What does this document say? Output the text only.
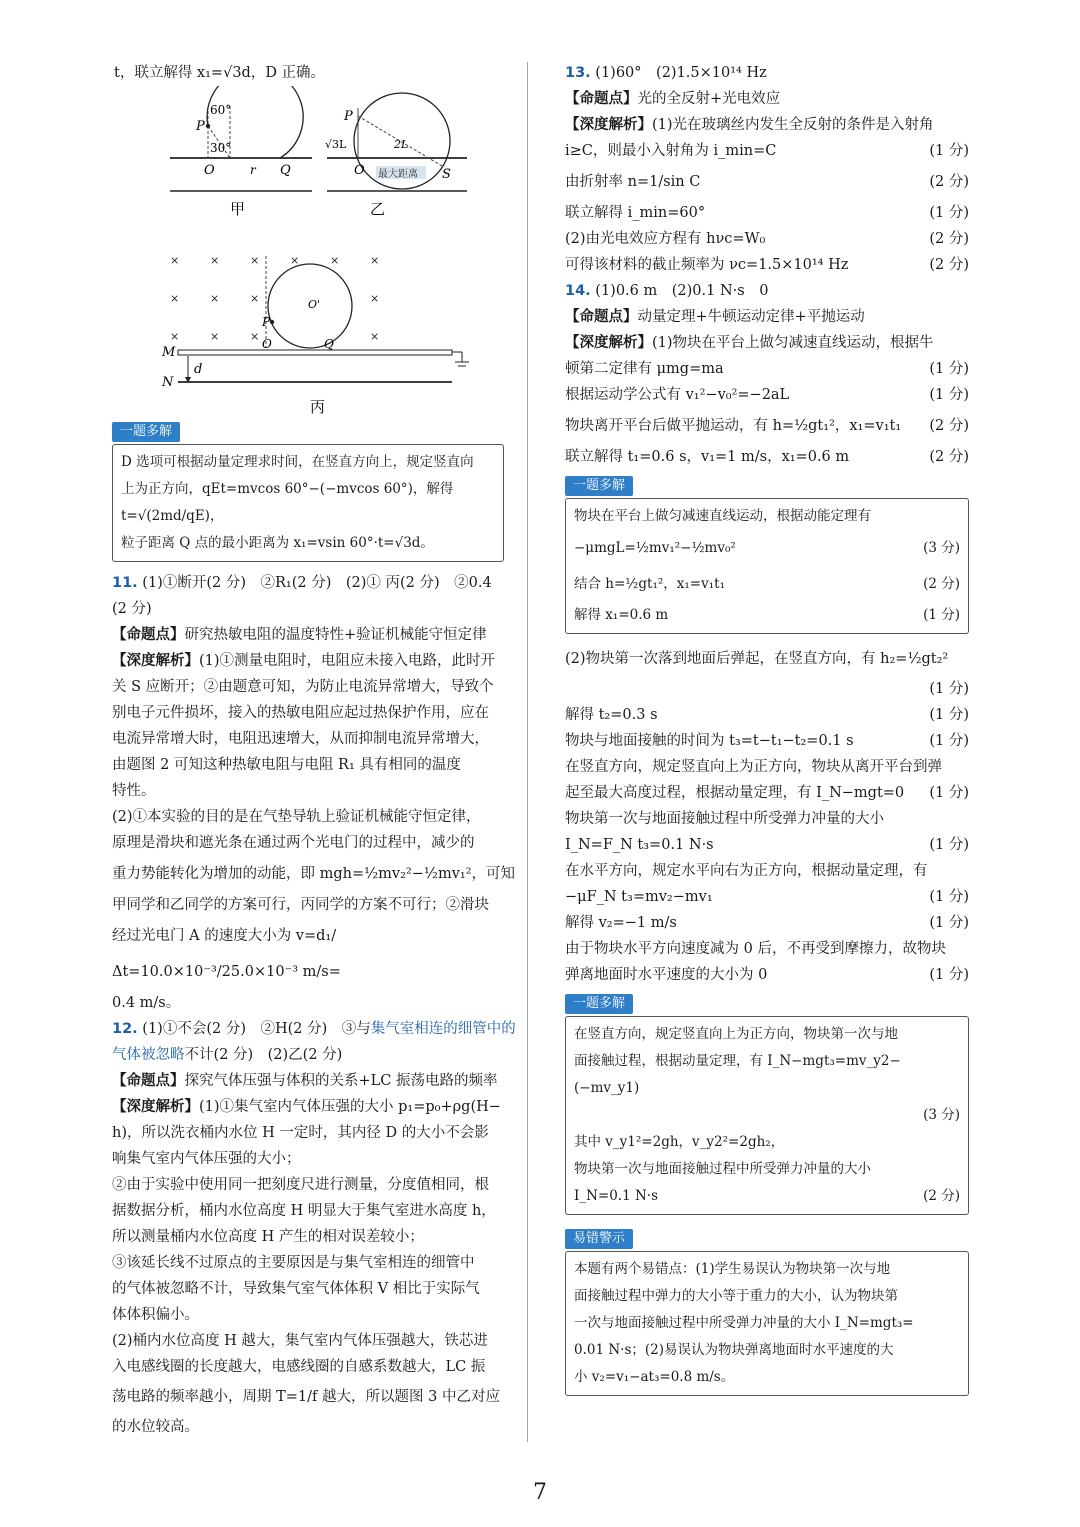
t，联立解得 x₁=√3d，D 正确。

60°
P
30°
O	r Q
甲
最大距离
P
√3L	2L
O	S
乙
×	×	×	×	×	×
×	×	×	×
×	×	×	×
O'
P
O	Q
M
N
d
丙
一题多解
D 选项可根据动量定理求时间，在竖直方向上，规定竖直向
上为正方向，qEt=mvcos 60°−(−mvcos 60°)，解得 t=√(2md/qE)，
粒子距离 Q 点的最小距离为 x₁=vsin 60°·t=√3d。
11. (1)①断开(2 分)　②R₁(2 分)　(2)① 丙(2 分)　②0.4
(2 分)
【命题点】研究热敏电阻的温度特性+验证机械能守恒定律
【深度解析】(1)①测量电阻时，电阻应未接入电路，此时开
关 S 应断开；②由题意可知，为防止电流异常增大，导致个
别电子元件损坏，接入的热敏电阻应起过热保护作用，应在
电流异常增大时，电阻迅速增大，从而抑制电流异常增大，
由题图 2 可知这种热敏电阻与电阻 R₁ 具有相同的温度
特性。
(2)①本实验的目的是在气垫导轨上验证机械能守恒定律，
原理是滑块和遮光条在通过两个光电门的过程中，减少的
重力势能转化为增加的动能，即 mgh=½mv₂²−½mv₁²，可知
甲同学和乙同学的方案可行，丙同学的方案不可行；②滑块
经过光电门 A 的速度大小为 v=d₁/Δt=10.0×10⁻³/25.0×10⁻³ m/s=
0.4 m/s。
12. (1)①不会(2 分)　②H(2 分)　③与集气室相连的细管中的气体被忽略不计(2 分)　(2)乙(2 分)
【命题点】探究气体压强与体积的关系+LC 振荡电路的频率
【深度解析】(1)①集气室内气体压强的大小 p₁=p₀+ρg(H−
h)，所以洗衣桶内水位 H 一定时，其内径 D 的大小不会影
响集气室内气体压强的大小；
②由于实验中使用同一把刻度尺进行测量，分度值相同，根
据数据分析，桶内水位高度 H 明显大于集气室进水高度 h，
所以测量桶内水位高度 H 产生的相对误差较小；
③该延长线不过原点的主要原因是与集气室相连的细管中
的气体被忽略不计，导致集气室气体体积 V 相比于实际气
体体积偏小。
(2)桶内水位高度 H 越大，集气室内气体压强越大，铁芯进
入电感线圈的长度越大，电感线圈的自感系数越大，LC 振
荡电路的频率越小，周期 T=1/f 越大，所以题图 3 中乙对应
的水位较高。
13. (1)60°　(2)1.5×10¹⁴ Hz
【命题点】光的全反射+光电效应
【深度解析】(1)光在玻璃丝内发生全反射的条件是入射角
i≥C，则最小入射角为 i_min=C	(1 分)
由折射率 n=1/sin C	(2 分)
联立解得 i_min=60°	(1 分)
(2)由光电效应方程有 hνc=W₀	(2 分)
可得该材料的截止频率为 νc=1.5×10¹⁴ Hz	(2 分)
14. (1)0.6 m　(2)0.1 N·s　0
【命题点】动量定理+牛顿运动定律+平抛运动
【深度解析】(1)物块在平台上做匀减速直线运动，根据牛
顿第二定律有 μmg=ma	(1 分)
根据运动学公式有 v₁²−v₀²=−2aL	(1 分)
物块离开平台后做平抛运动，有 h=½gt₁²，x₁=v₁t₁ (2 分)
联立解得 t₁=0.6 s，v₁=1 m/s，x₁=0.6 m	(2 分)
一题多解
物块在平台上做匀减速直线运动，根据动能定理有
−μmgL=½mv₁²−½mv₀²	(3 分)
结合 h=½gt₁²，x₁=v₁t₁	(2 分)
解得 x₁=0.6 m	(1 分)
(2)物块第一次落到地面后弹起，在竖直方向，有 h₂=½gt₂²
(1 分)
解得 t₂=0.3 s	(1 分)
物块与地面接触的时间为 t₃=t−t₁−t₂=0.1 s	(1 分)
在竖直方向，规定竖直向上为正方向，物块从离开平台到弹
起至最大高度过程，根据动量定理，有 I_N−mgt=0 (1 分)
物块第一次与地面接触过程中所受弹力冲量的大小
I_N=F_N t₃=0.1 N·s	(1 分)
在水平方向，规定水平向右为正方向，根据动量定理，有
−μF_N t₃=mv₂−mv₁	(1 分)
解得 v₂=−1 m/s	(1 分)
由于物块水平方向速度减为 0 后，不再受到摩擦力，故物块
弹离地面时水平速度的大小为 0	(1 分)
一题多解
在竖直方向，规定竖直向上为正方向，物块第一次与地
面接触过程，根据动量定理，有 I_N−mgt₃=mv_y2−(−mv_y1)
(3 分)
其中 v_y1²=2gh，v_y2²=2gh₂，
物块第一次与地面接触过程中所受弹力冲量的大小
I_N=0.1 N·s	(2 分)
易错警示
本题有两个易错点：(1)学生易误认为物块第一次与地
面接触过程中弹力的大小等于重力的大小，认为物块第
一次与地面接触过程中所受弹力冲量的大小 I_N=mgt₃=
0.01 N·s；(2)易误认为物块弹离地面时水平速度的大
小 v₂=v₁−at₃=0.8 m/s。
7
